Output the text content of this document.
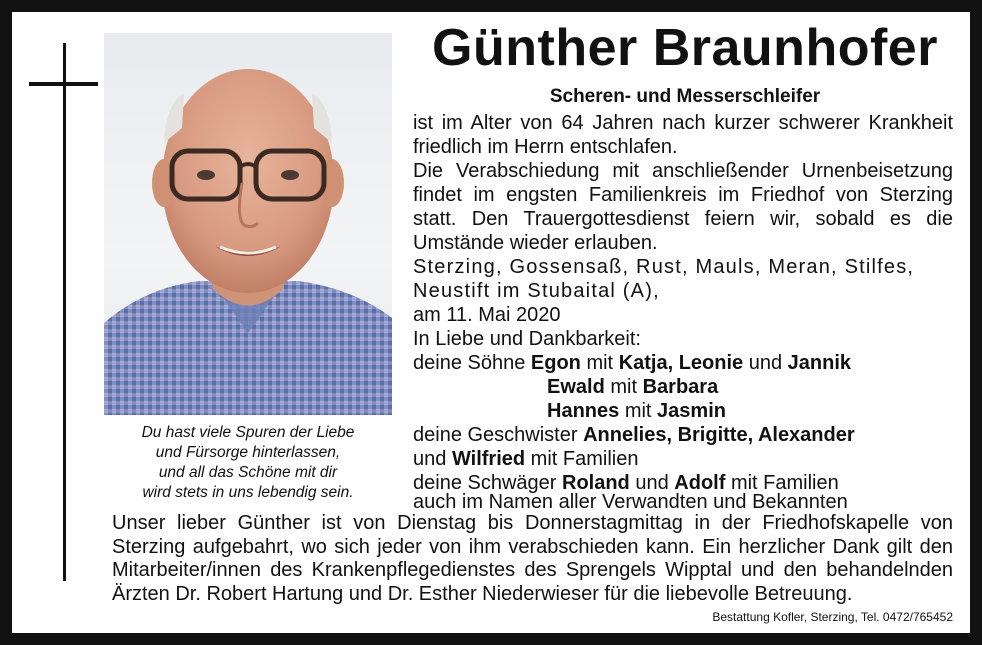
Du hast viele Spuren der Liebe
und Fürsorge hinterlassen,
und all das Schöne mit dir
wird stets in uns lebendig sein.
Günther Braunhofer

Scheren- und Messerschleifer

ist im Alter von 64 Jahren nach kurzer schwerer Krankheit friedlich im Herrn entschlafen.
Die Verabschiedung mit anschließender Urnenbeisetzung findet im engsten Familienkreis im Friedhof von Sterzing statt. Den Trauergottesdienst feiern wir, sobald es die Umstände wieder erlauben.

Sterzing, Gossensaß, Rust, Mauls, Meran, Stilfes, Neustift im Stubaital (A),

am 11. Mai 2020

In Liebe und Dankbarkeit:

deine Söhne Egon mit Katja, Leonie und Jannik

Ewald mit Barbara

Hannes mit Jasmin

deine Geschwister Annelies, Brigitte, Alexander

und Wilfried mit Familien

deine Schwäger Roland und Adolf mit Familien

auch im Namen aller Verwandten und Bekannten

Unser lieber Günther ist von Dienstag bis Donnerstagmittag in der Friedhofskapelle von Sterzing aufgebahrt, wo sich jeder von ihm verabschieden kann. Ein herzlicher Dank gilt den Mitarbeiter/innen des Krankenpflegedienstes des Sprengels Wipptal und den behandelnden Ärzten Dr. Robert Hartung und Dr. Esther Niederwieser für die liebevolle Betreuung.

Bestattung Kofler, Sterzing, Tel. 0472/765452
